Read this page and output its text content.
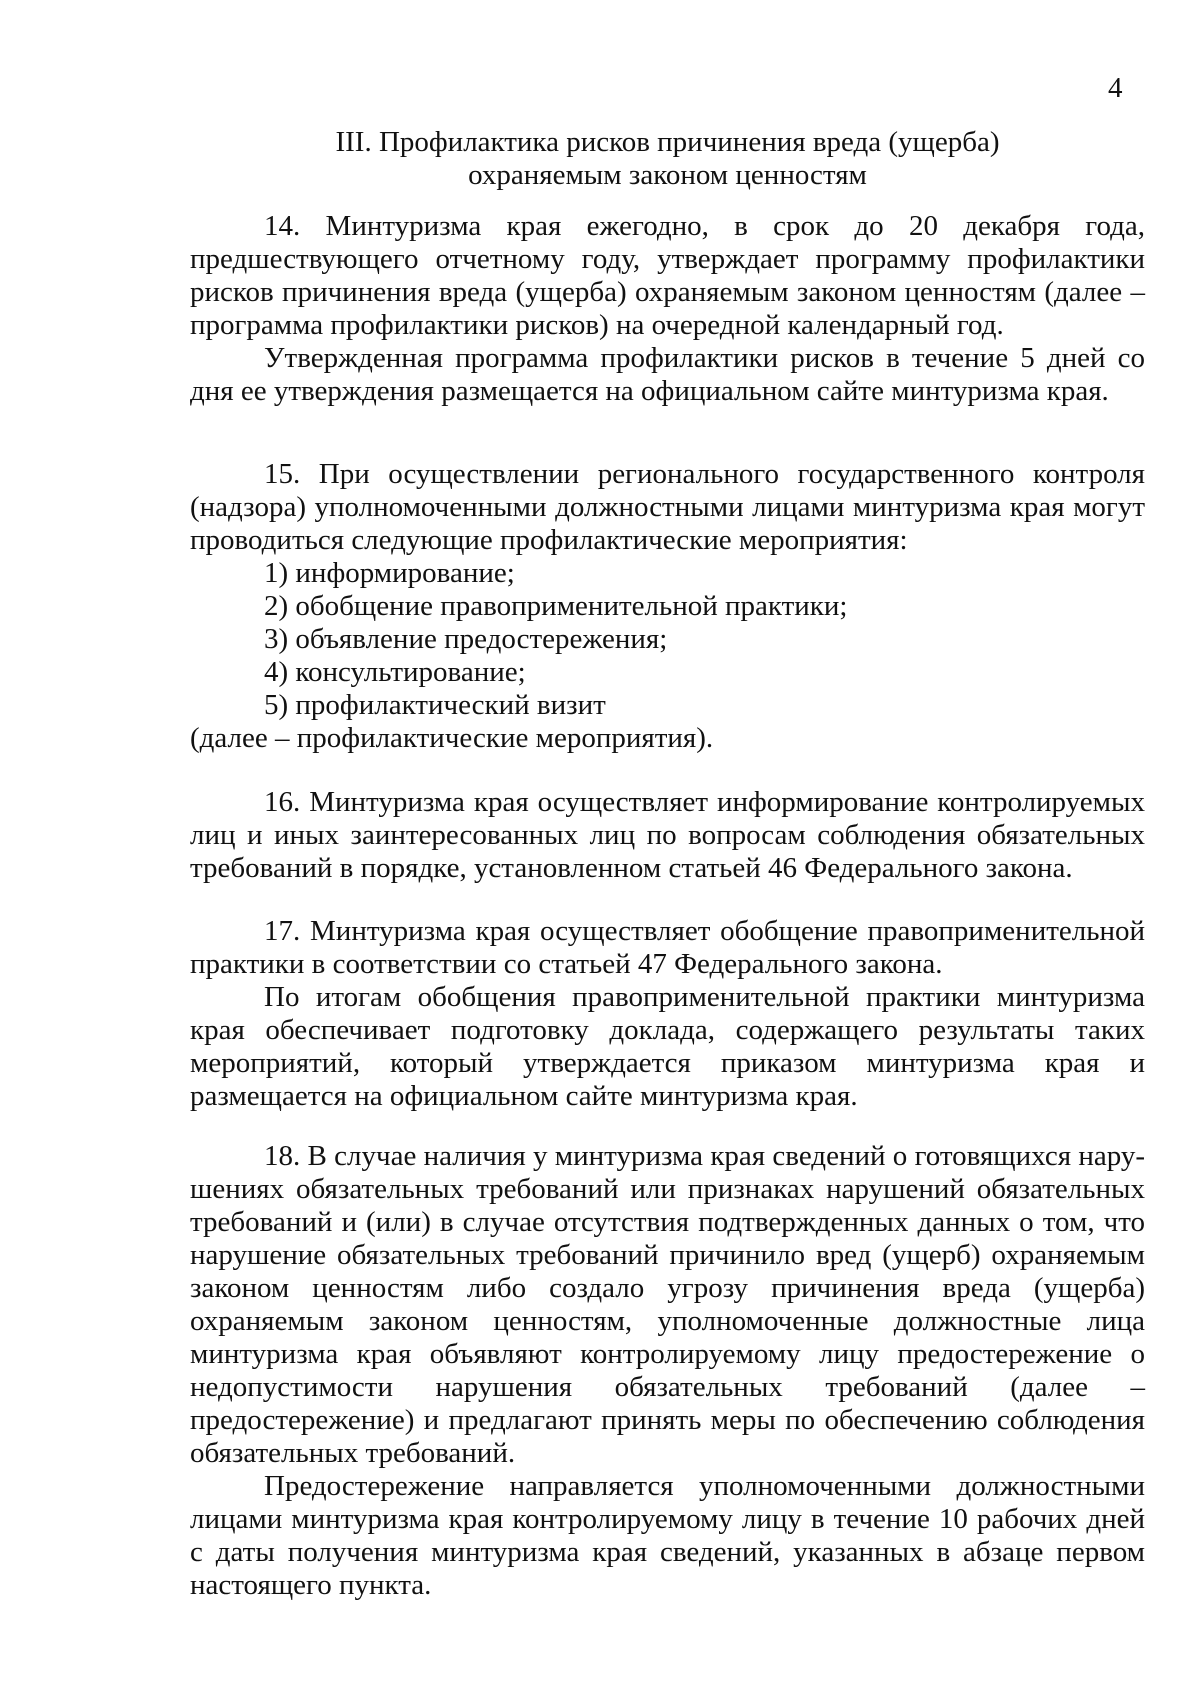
4
III. Профилактика рисков причинения вреда (ущерба)
охраняемым законом ценностям

14. Минтуризма края ежегодно, в срок до 20 декабря года, предшествующего отчетному году, утверждает программу профилактики рисков причинения вреда (ущерба) охраняемым законом ценностям (далее – программа профилактики рисков) на очередной календарный год.

Утвержденная программа профилактики рисков в течение 5 дней со дня ее утверждения размещается на официальном сайте минтуризма края.

15. При осуществлении регионального государственного контроля (надзора) уполномоченными должностными лицами минтуризма края могут проводиться следующие профилактические мероприятия:

1) информирование;

2) обобщение правоприменительной практики;

3) объявление предостережения;

4) консультирование;

5) профилактический визит

(далее – профилактические мероприятия).

16. Минтуризма края осуществляет информирование контролируемых лиц и иных заинтересованных лиц по вопросам соблюдения обязательных требований в порядке, установленном статьей 46 Федерального закона.

17. Минтуризма края осуществляет обобщение правоприменительной практики в соответствии со статьей 47 Федерального закона.

По итогам обобщения правоприменительной практики минтуризма края обеспечивает подготовку доклада, содержащего результаты таких мероприятий, который утверждается приказом минтуризма края и размещается на официальном сайте минтуризма края.

18. В случае наличия у минтуризма края сведений о готовящихся нарушениях обязательных требований или признаках нарушений обязательных требований и (или) в случае отсутствия подтвержденных данных о том, что нарушение обязательных требований причинило вред (ущерб) охраняемым законом ценностям либо создало угрозу причинения вреда (ущерба) охраняемым законом ценностям, уполномоченные должностные лица минтуризма края объявляют контролируемому лицу предостережение о недопустимости нарушения обязательных требований (далее – предостережение) и предлагают принять меры по обеспечению соблюдения обязательных требований.

Предостережение направляется уполномоченными должностными лицами минтуризма края контролируемому лицу в течение 10 рабочих дней с даты получения минтуризма края сведений, указанных в абзаце первом настоящего пункта.
